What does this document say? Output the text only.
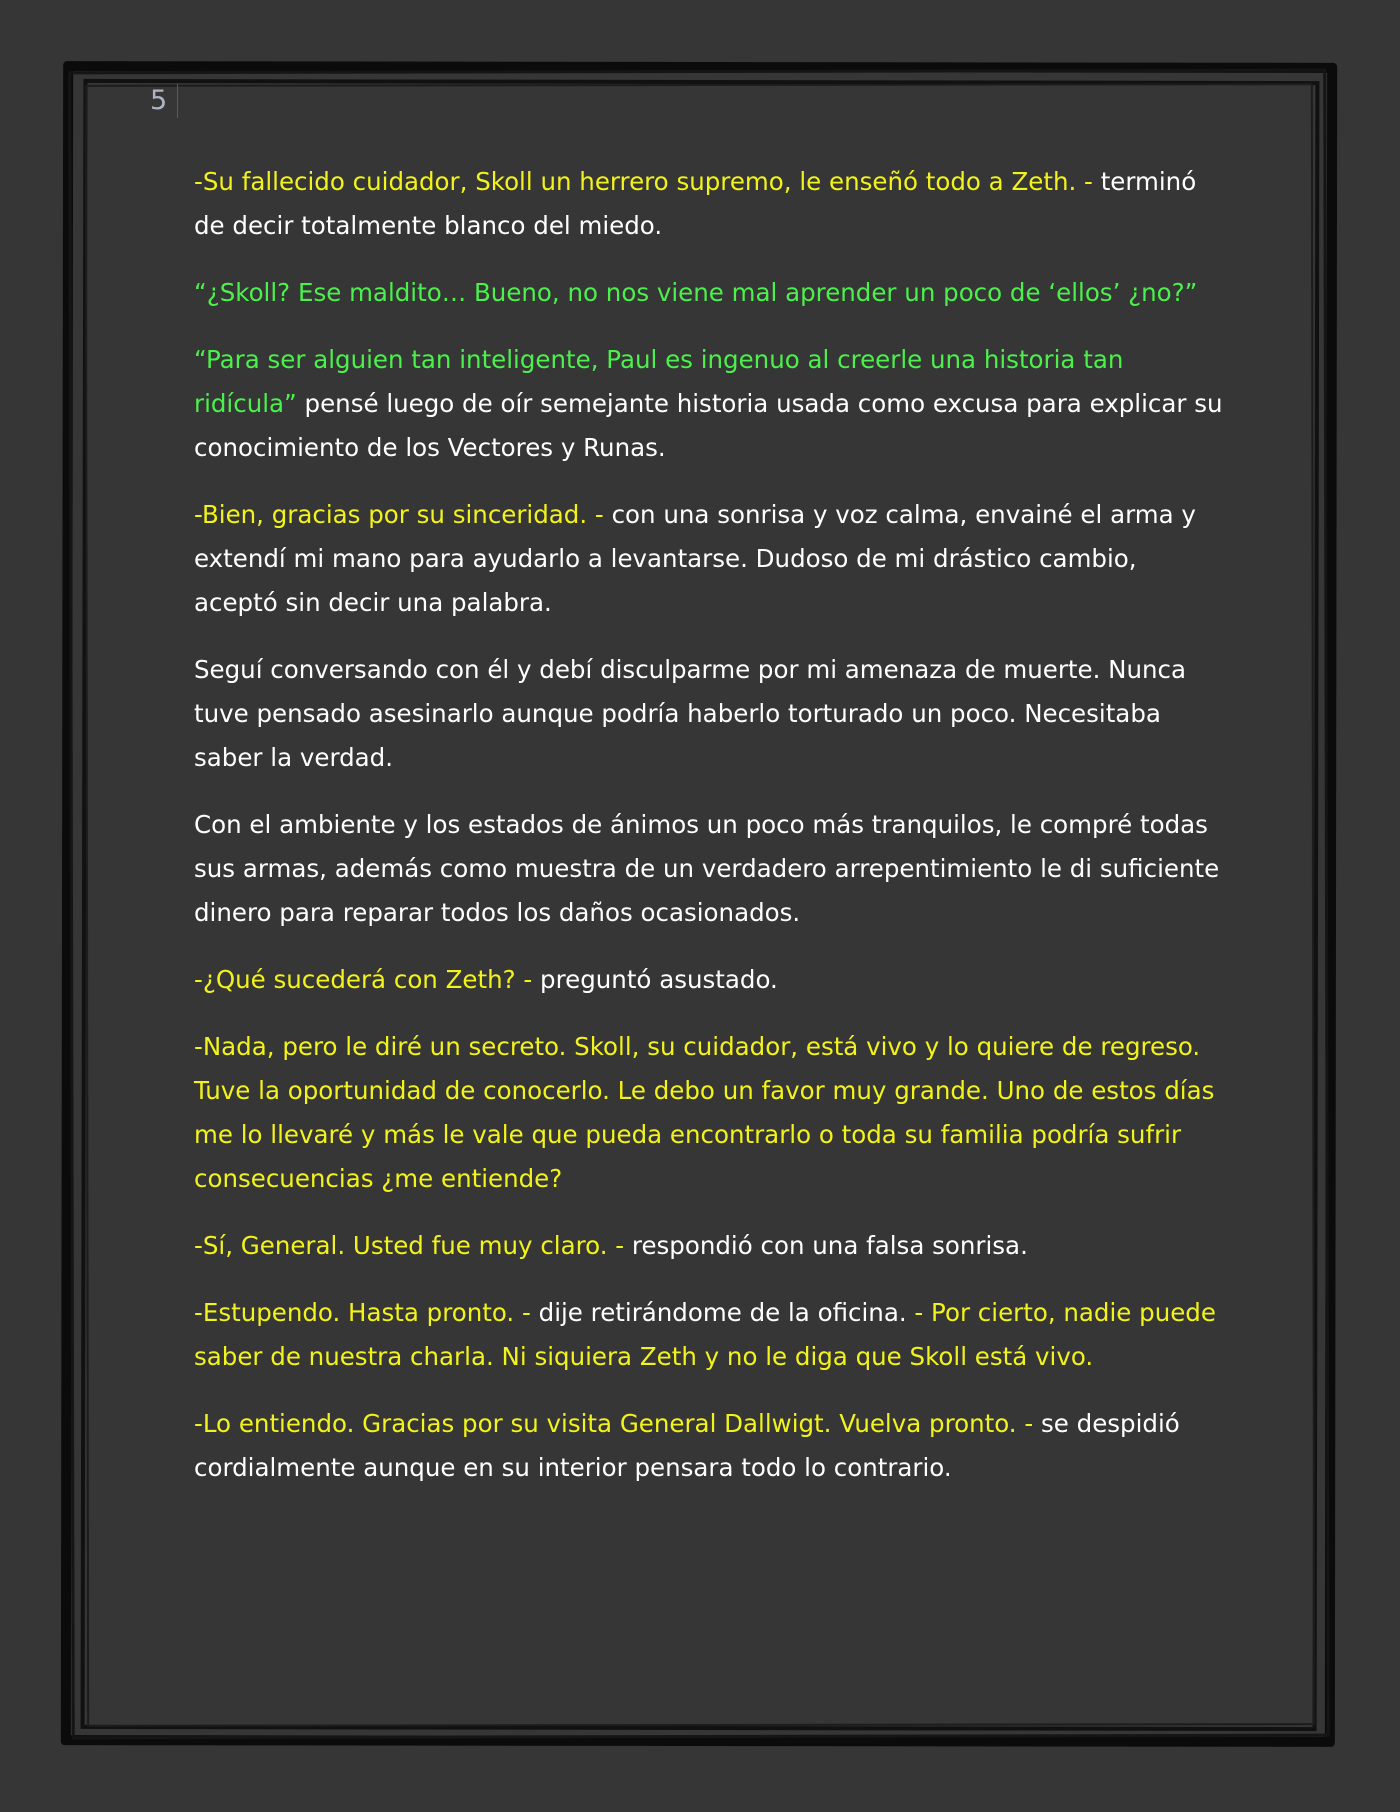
5

-Su fallecido cuidador, Skoll un herrero supremo, le enseñó todo a Zeth. - terminó de decir totalmente blanco del miedo.

“¿Skoll? Ese maldito… Bueno, no nos viene mal aprender un poco de ‘ellos’ ¿no?”

“Para ser alguien tan inteligente, Paul es ingenuo al creerle una historia tan ridícula” pensé luego de oír semejante historia usada como excusa para explicar su conocimiento de los Vectores y Runas.

-Bien, gracias por su sinceridad. - con una sonrisa y voz calma, envainé el arma y extendí mi mano para ayudarlo a levantarse. Dudoso de mi drástico cambio, aceptó sin decir una palabra.

Seguí conversando con él y debí disculparme por mi amenaza de muerte. Nunca tuve pensado asesinarlo aunque podría haberlo torturado un poco. Necesitaba saber la verdad.

Con el ambiente y los estados de ánimos un poco más tranquilos, le compré todas sus armas, además como muestra de un verdadero arrepentimiento le di suficiente dinero para reparar todos los daños ocasionados.

-¿Qué sucederá con Zeth? - preguntó asustado.

-Nada, pero le diré un secreto. Skoll, su cuidador, está vivo y lo quiere de regreso. Tuve la oportunidad de conocerlo. Le debo un favor muy grande. Uno de estos días me lo llevaré y más le vale que pueda encontrarlo o toda su familia podría sufrir consecuencias ¿me entiende?

-Sí, General. Usted fue muy claro. - respondió con una falsa sonrisa.

-Estupendo. Hasta pronto. - dije retirándome de la oficina. - Por cierto, nadie puede saber de nuestra charla. Ni siquiera Zeth y no le diga que Skoll está vivo.

-Lo entiendo. Gracias por su visita General Dallwigt. Vuelva pronto. - se despidió cordialmente aunque en su interior pensara todo lo contrario.
